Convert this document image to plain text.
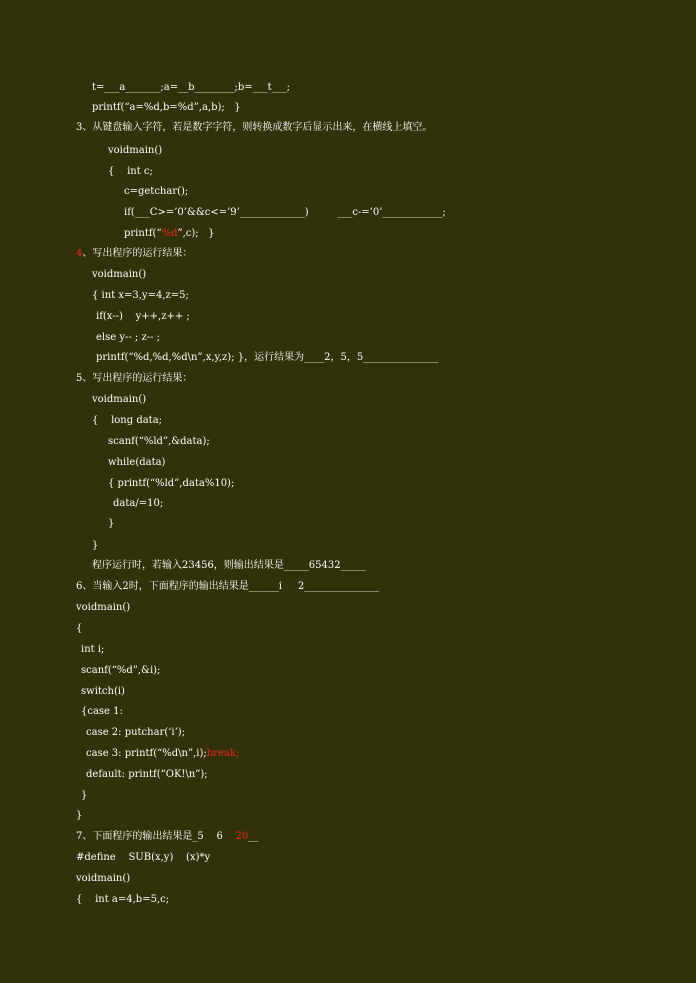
t=___a_______;a=__b________;b=___t___;
printf(“a=%d,b=%d”,a,b);   }
3、从键盘输入字符，若是数字字符，则转换成数字后显示出来，在横线上填空。
voidmain()
{    int c;
c=getchar();
if(___C>=’0’&&c<=’9’_____________)         ___c-=’0’____________;
printf(“%d”,c);   }
4、写出程序的运行结果：
voidmain()
{ int x=3,y=4,z=5;
if(x--)    y++,z++ ;
else y-- ; z-- ;
printf(“%d,%d,%d\n”,x,y,z); }，运行结果为____2，5，5_______________
5、写出程序的运行结果：
voidmain()
{    long data;
scanf(“%ld”,&data);
while(data)
{ printf(“%ld”,data%10);
data/=10;
}
}
程序运行时，若输入23456，则输出结果是_____65432_____
6、当输入2时，下面程序的输出结果是______i     2_______________
voidmain()
{
int i;
scanf(“%d”,&i);
switch(i)
{case 1:
case 2: putchar(‘i’);
case 3: printf(“%d\n”,i);break;
default: printf(“OK!\n”);
}
}
7、下面程序的输出结果是_5    6    20__
#define    SUB(x,y)    (x)*y
voidmain()
{    int a=4,b=5,c;
